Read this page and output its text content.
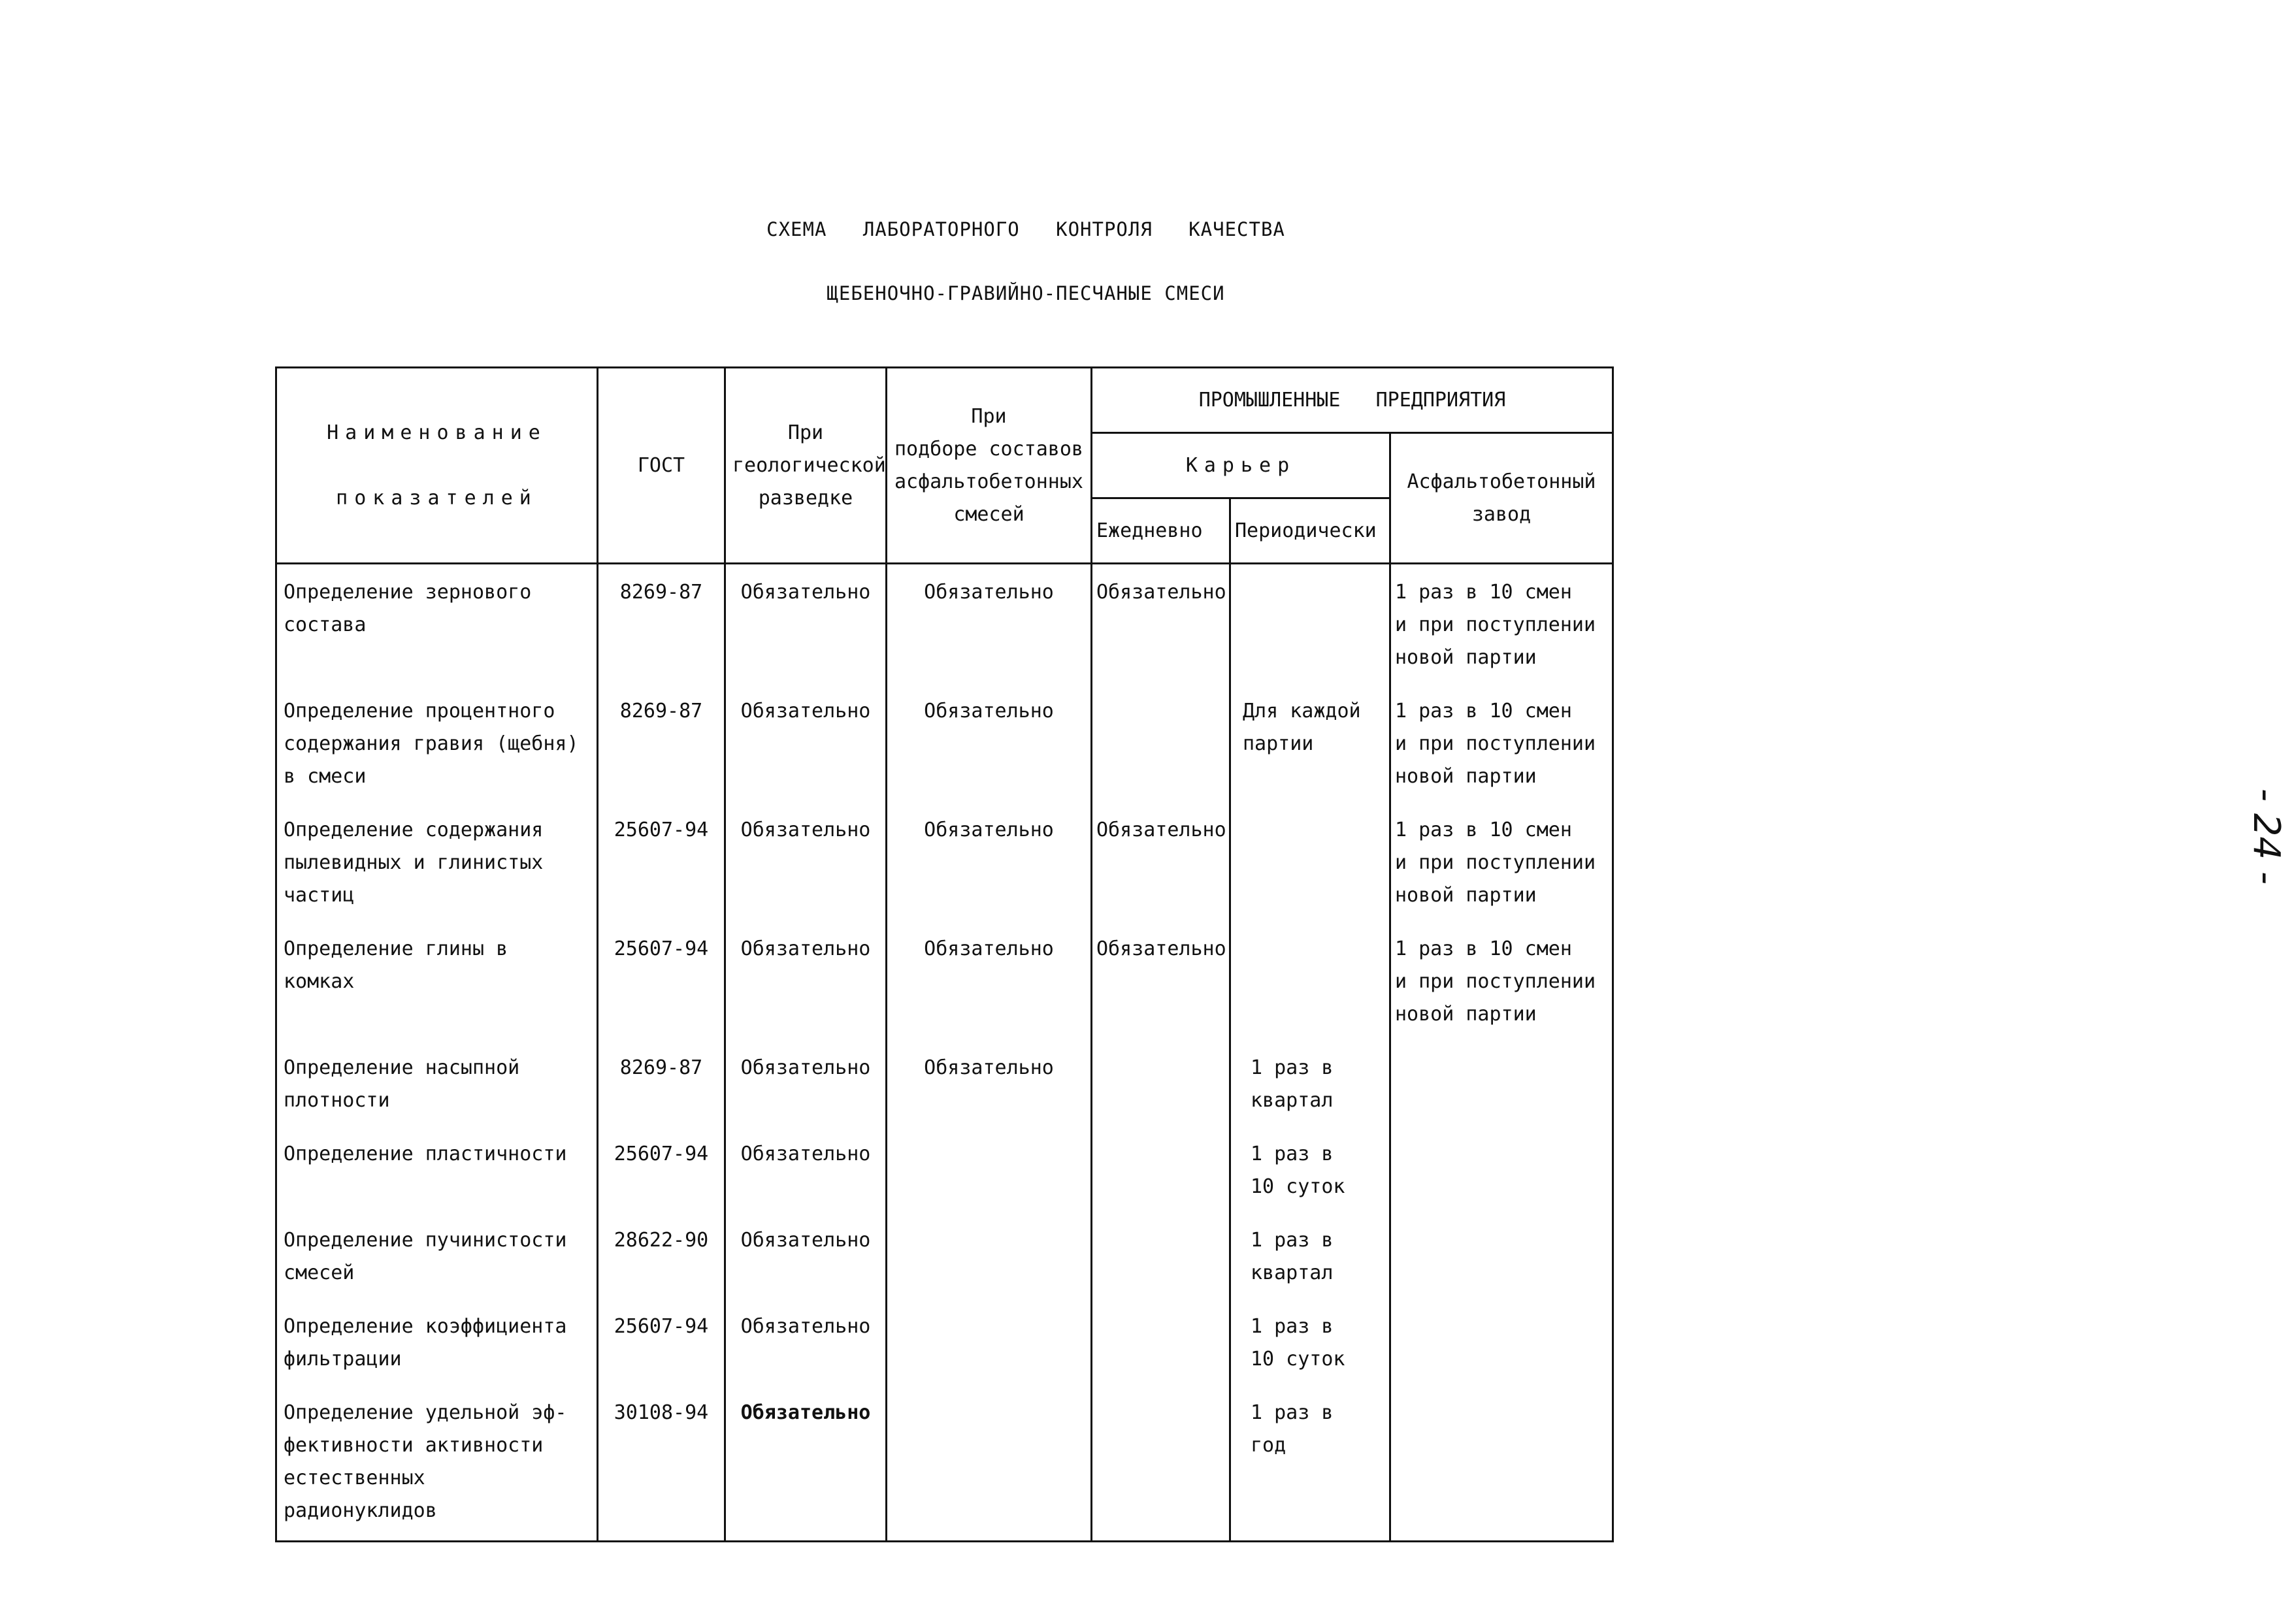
СХЕМА   ЛАБОРАТОРНОГО   КОНТРОЛЯ   КАЧЕСТВА
ЩЕБЕНОЧНО-ГРАВИЙНО-ПЕСЧАНЫЕ СМЕСИ
Наименование
показателей	ГОСТ	При
геологической
разведке	При
подборе составов
асфальтобетонных
смесей	ПРОМЫШЛЕННЫЕ   ПРЕДПРИЯТИЯ		
				Карьер		Асфальтобетонный
завод
				Ежедневно	Периодически	
Определение зернового
состава	8269-87	Обязательно	Обязательно	Обязательно		1 раз в 10 смен
и при поступлении
новой партии
Определение процентного
содержания гравия (щебня)
в смеси	8269-87	Обязательно	Обязательно		Для каждой
партии	1 раз в 10 смен
и при поступлении
новой партии
Определение содержания
пылевидных и глинистых
частиц	25607-94	Обязательно	Обязательно	Обязательно		1 раз в 10 смен
и при поступлении
новой партии
Определение глины в
комках	25607-94	Обязательно	Обязательно	Обязательно		1 раз в 10 смен
и при поступлении
новой партии
Определение насыпной
плотности	8269-87	Обязательно	Обязательно		1 раз в
квартал	
Определение пластичности	25607-94	Обязательно			1 раз в
10 суток	
Определение пучинистости
смесей	28622-90	Обязательно			1 раз в
квартал	
Определение коэффициента
фильтрации	25607-94	Обязательно			1 раз в
10 суток	
Определение удельной эф-
фективности активности
естественных радионуклидов	30108-94	Обязательно			1 раз в
год	
- 24 -
